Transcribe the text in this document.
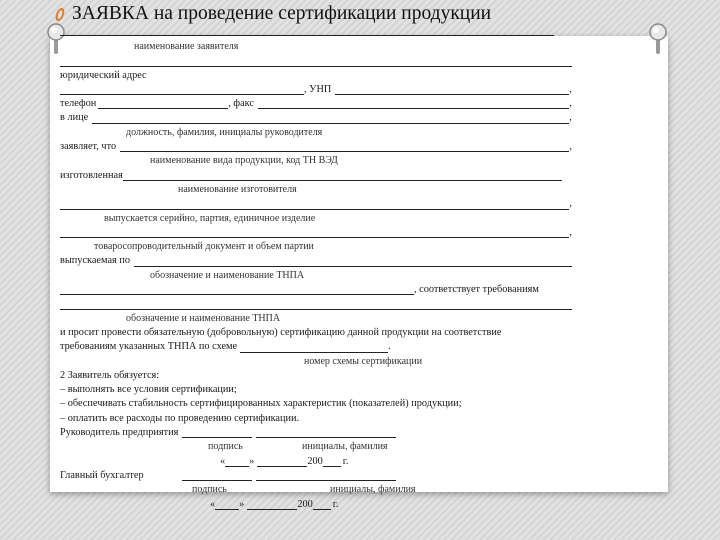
ЗАЯВКА на проведение сертификации продукции
наименование заявителя
юридический адрес
, УНП	,
телефон	, факс	,
в лице	,
должность, фамилия, инициалы руководителя
заявляет, что	,
наименование вида продукции, код ТН ВЭД
изготовленная
наименование изготовителя
,
выпускается серийно, партия, единичное изделие
,
товаросопроводительный документ и объем партии
выпускаемая по
обозначение и наименование ТНПА
, соответствует требованиям
обозначение и наименование ТНПА
и просит провести обязательную (добровольную) сертификацию данной продукции на соответствие
требованиям указанных ТНПА по схеме	.
номер схемы сертификации
2 Заявитель обязуется:
– выполнять все условия сертификации;
– обеспечивать стабильность сертифицированных характеристик (показателей) продукции;
– оплатить все расходы по проведению сертификации.
Руководитель предприятия
подпись	инициалы, фамилия
« »	200 г.
Главный бухгалтер
подпись	инициалы, фамилия
« »	200 г.
